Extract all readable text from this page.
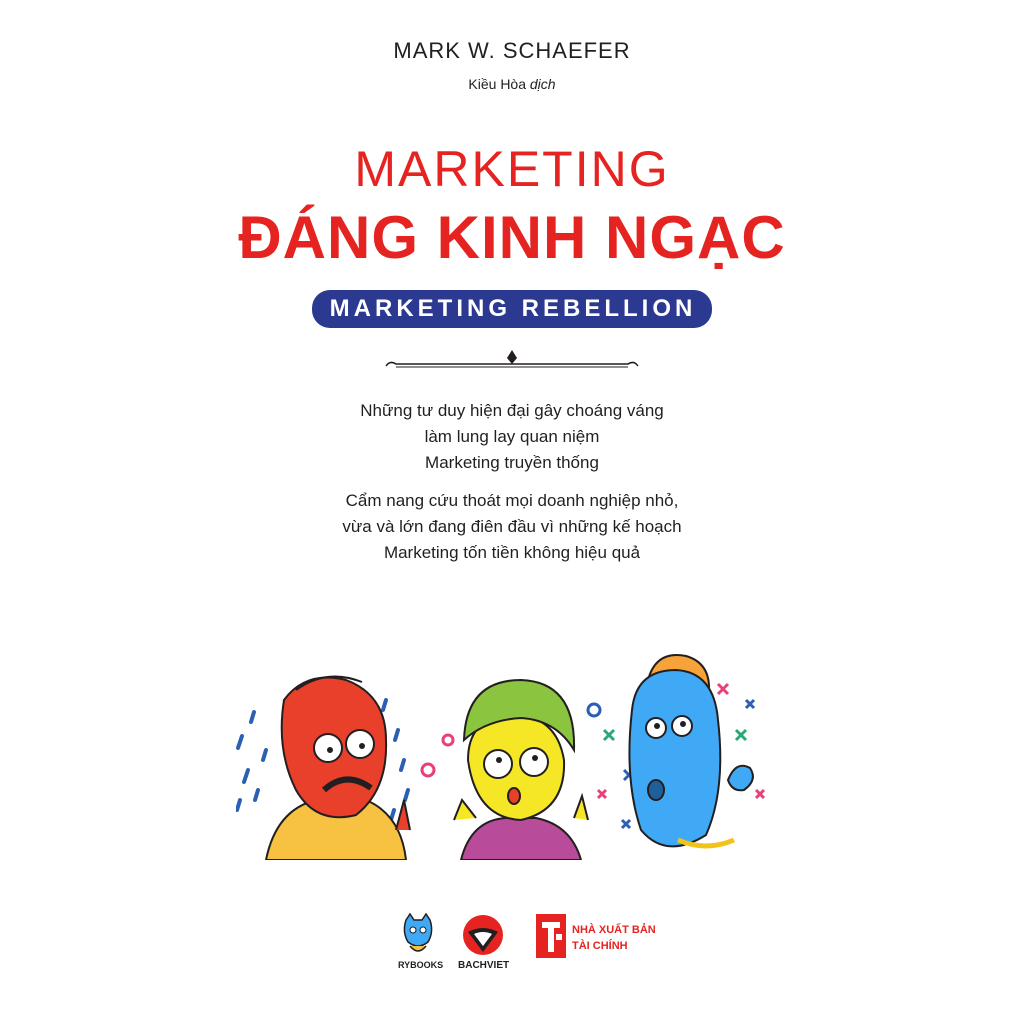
MARK W. SCHAEFER
Kiều Hòa dịch
MARKETING
ĐÁNG KINH NGẠC
MARKETING REBELLION

Những tư duy hiện đại gây choáng váng

làm lung lay quan niệm

Marketing truyền thống

Cẩm nang cứu thoát mọi doanh nghiệp nhỏ,

vừa và lớn đang điên đầu vì những kế hoạch

Marketing tốn tiền không hiệu quả

RYBOOKS BACHVIET
NHÀ XUẤT BẢN
TÀI CHÍNH
